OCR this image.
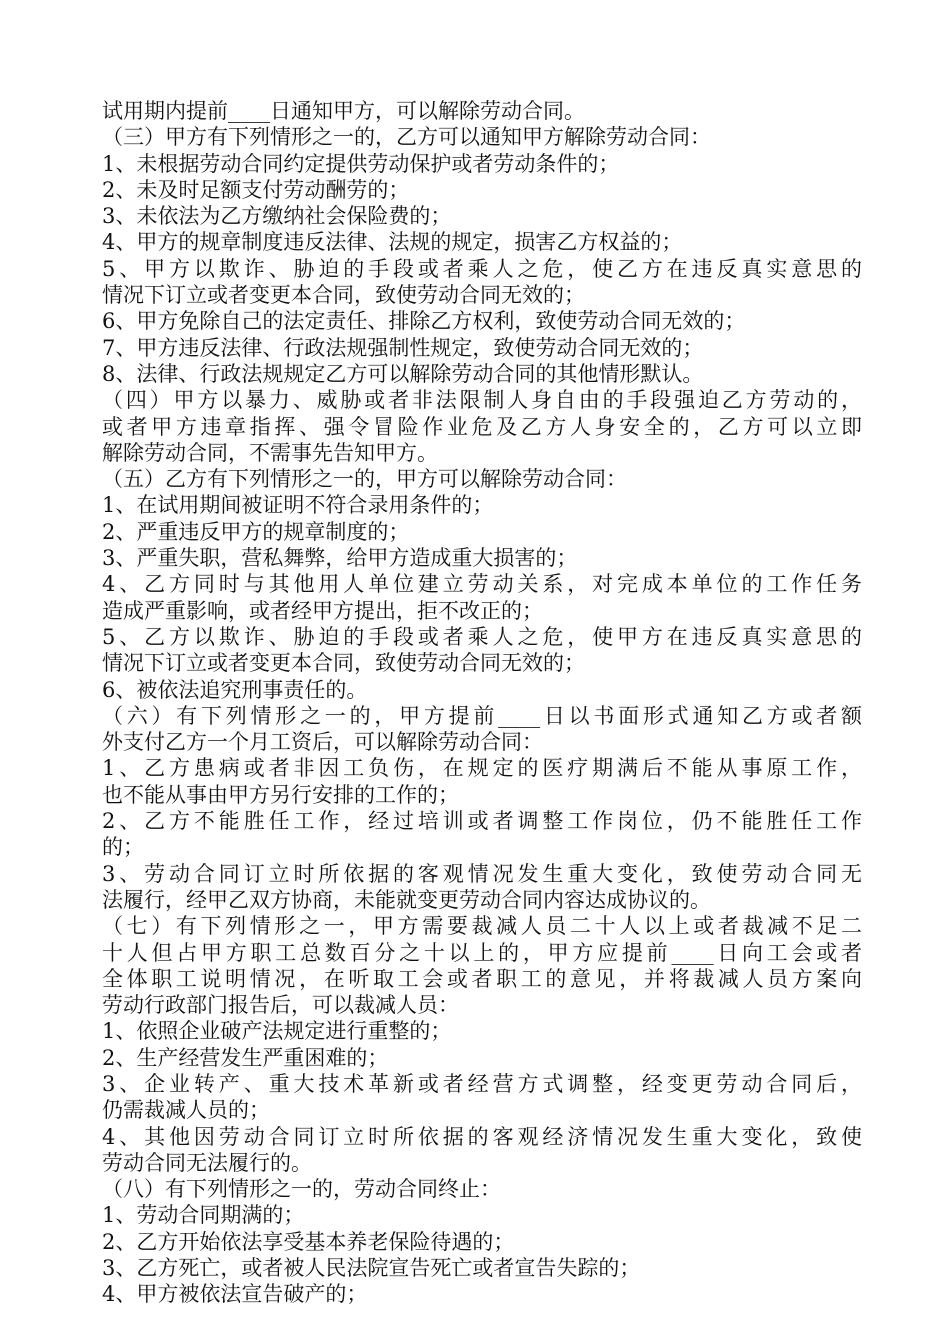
试用期内提前____日通知甲方，可以解除劳动合同。
（三）甲方有下列情形之一的，乙方可以通知甲方解除劳动合同：
1、未根据劳动合同约定提供劳动保护或者劳动条件的；
2、未及时足额支付劳动酬劳的；
3、未依法为乙方缴纳社会保险费的；
4、甲方的规章制度违反法律、法规的规定，损害乙方权益的；
5、甲方以欺诈、胁迫的手段或者乘人之危，使乙方在违反真实意思的
情况下订立或者变更本合同，致使劳动合同无效的；
6、甲方免除自己的法定责任、排除乙方权利，致使劳动合同无效的；
7、甲方违反法律、行政法规强制性规定，致使劳动合同无效的；
8、法律、行政法规规定乙方可以解除劳动合同的其他情形默认。
（四）甲方以暴力、威胁或者非法限制人身自由的手段强迫乙方劳动的，
或者甲方违章指挥、强令冒险作业危及乙方人身安全的，乙方可以立即
解除劳动合同，不需事先告知甲方。
（五）乙方有下列情形之一的，甲方可以解除劳动合同：
1、在试用期间被证明不符合录用条件的；
2、严重违反甲方的规章制度的；
3、严重失职，营私舞弊，给甲方造成重大损害的；
4、乙方同时与其他用人单位建立劳动关系，对完成本单位的工作任务
造成严重影响，或者经甲方提出，拒不改正的；
5、乙方以欺诈、胁迫的手段或者乘人之危，使甲方在违反真实意思的
情况下订立或者变更本合同，致使劳动合同无效的；
6、被依法追究刑事责任的。
（六）有下列情形之一的，甲方提前____日以书面形式通知乙方或者额
外支付乙方一个月工资后，可以解除劳动合同：
1、乙方患病或者非因工负伤，在规定的医疗期满后不能从事原工作，
也不能从事由甲方另行安排的工作的；
2、乙方不能胜任工作，经过培训或者调整工作岗位，仍不能胜任工作
的；
3、劳动合同订立时所依据的客观情况发生重大变化，致使劳动合同无
法履行，经甲乙双方协商，未能就变更劳动合同内容达成协议的。
（七）有下列情形之一，甲方需要裁减人员二十人以上或者裁减不足二
十人但占甲方职工总数百分之十以上的，甲方应提前____日向工会或者
全体职工说明情况，在听取工会或者职工的意见，并将裁减人员方案向
劳动行政部门报告后，可以裁减人员：
1、依照企业破产法规定进行重整的；
2、生产经营发生严重困难的；
3、企业转产、重大技术革新或者经营方式调整，经变更劳动合同后，
仍需裁减人员的；
4、其他因劳动合同订立时所依据的客观经济情况发生重大变化，致使
劳动合同无法履行的。
（八）有下列情形之一的，劳动合同终止：
1、劳动合同期满的；
2、乙方开始依法享受基本养老保险待遇的；
3、乙方死亡，或者被人民法院宣告死亡或者宣告失踪的；
4、甲方被依法宣告破产的；
